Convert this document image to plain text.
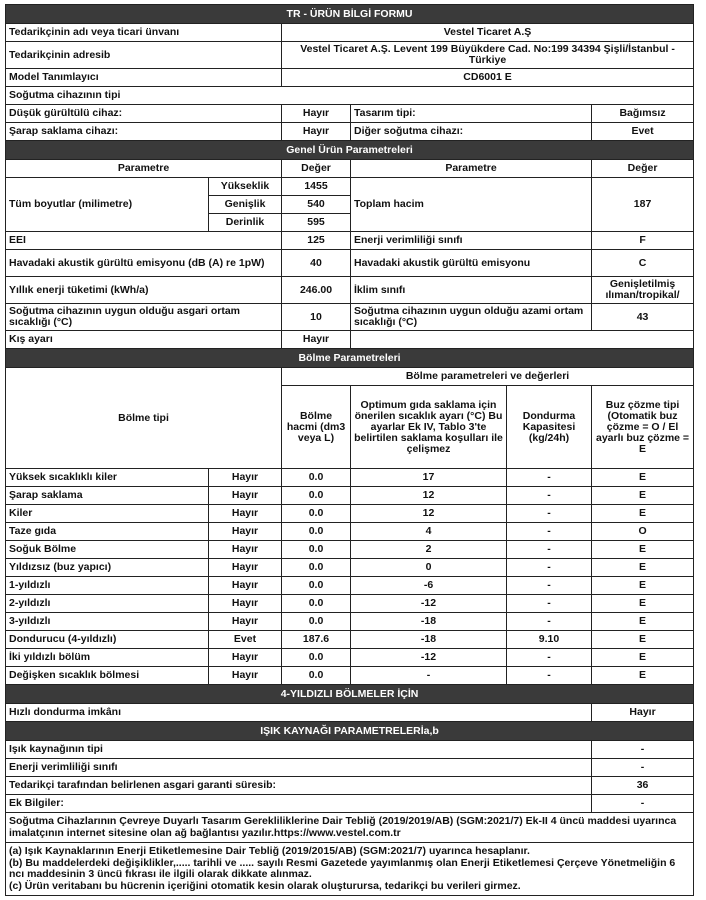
TR - ÜRÜN BİLGİ FORMU					
Tedarikçinin adı veya ticari ünvanı		Vestel Ticaret A.Ş			
Tedarikçinin adresib		Vestel Ticaret A.Ş. Levent 199 Büyükdere Cad. No:199 34394 Şişli/İstanbul - Türkiye			
Model Tanımlayıcı		CD6001 E			
Soğutma cihazının tipi					
Düşük gürültülü cihaz:		Hayır	Tasarım tipi:		Bağımsız
Şarap saklama cihazı:		Hayır	Diğer soğutma cihazı:		Evet
Genel Ürün Parametreleri					
Parametre		Değer	Parametre		Değer
Tüm boyutlar (milimetre)	Yükseklik	1455	Toplam hacim		187
	Genişlik	540			
	Derinlik	595			
EEI		125	Enerji verimliliği sınıfı		F
Havadaki akustik gürültü emisyonu (dB (A) re 1pW)		40	Havadaki akustik gürültü emisyonu		C
Yıllık enerji tüketimi (kWh/a)		246.00	İklim sınıfı		Genişletilmiş ılıman/tropikal/
Soğutma cihazının uygun olduğu asgari ortam sıcaklığı (°C)		10	Soğutma cihazının uygun olduğu azami ortam sıcaklığı (°C)		43
Kış ayarı		Hayır			
Bölme Parametreleri					
Bölme tipi		Bölme parametreleri ve değerleri			
		Bölme hacmi (dm3 veya L)	Optimum gıda saklama için önerilen sıcaklık ayarı (°C) Bu ayarlar Ek IV, Tablo 3'te belirtilen saklama koşulları ile çelişmez	Dondurma Kapasitesi (kg/24h)	Buz çözme tipi (Otomatik buz çözme = O / El ayarlı buz çözme = E
Yüksek sıcaklıklı kiler	Hayır	0.0	17	-	E
Şarap saklama	Hayır	0.0	12	-	E
Kiler	Hayır	0.0	12	-	E
Taze gıda	Hayır	0.0	4	-	O
Soğuk Bölme	Hayır	0.0	2	-	E
Yıldızsız (buz yapıcı)	Hayır	0.0	0	-	E
1-yıldızlı	Hayır	0.0	-6	-	E
2-yıldızlı	Hayır	0.0	-12	-	E
3-yıldızlı	Hayır	0.0	-18	-	E
Dondurucu (4-yıldızlı)	Evet	187.6	-18	9.10	E
İki yıldızlı bölüm	Hayır	0.0	-12	-	E
Değişken sıcaklık bölmesi	Hayır	0.0	-	-	E
4-YILDIZLI BÖLMELER İÇİN					
Hızlı dondurma imkânı					Hayır
IŞIK KAYNAĞI PARAMETRELERİa,b					
Işık kaynağının tipi					-
Enerji verimliliği sınıfı					-
Tedarikçi tarafından belirlenen asgari garanti süresib:					36
Ek Bilgiler:					-
Soğutma Cihazlarının Çevreye Duyarlı Tasarım Gerekliliklerine Dair Tebliğ (2019/2019/AB) (SGM:2021/7) Ek-II 4 üncü maddesi uyarınca imalatçının internet sitesine olan ağ bağlantısı yazılır.https://www.vestel.com.tr					

(a) Işık Kaynaklarının Enerji Etiketlemesine Dair Tebliğ (2019/2015/AB) (SGM:2021/7) uyarınca hesaplanır.
(b) Bu maddelerdeki değişiklikler,..... tarihli ve ..... sayılı Resmi Gazetede yayımlanmış olan Enerji Etiketlemesi Çerçeve Yönetmeliğin 6 ncı maddesinin 3 üncü fıkrası ile ilgili olarak dikkate alınmaz.
(c) Ürün veritabanı bu hücrenin içeriğini otomatik kesin olarak oluşturursa, tedarikçi bu verileri girmez.					
